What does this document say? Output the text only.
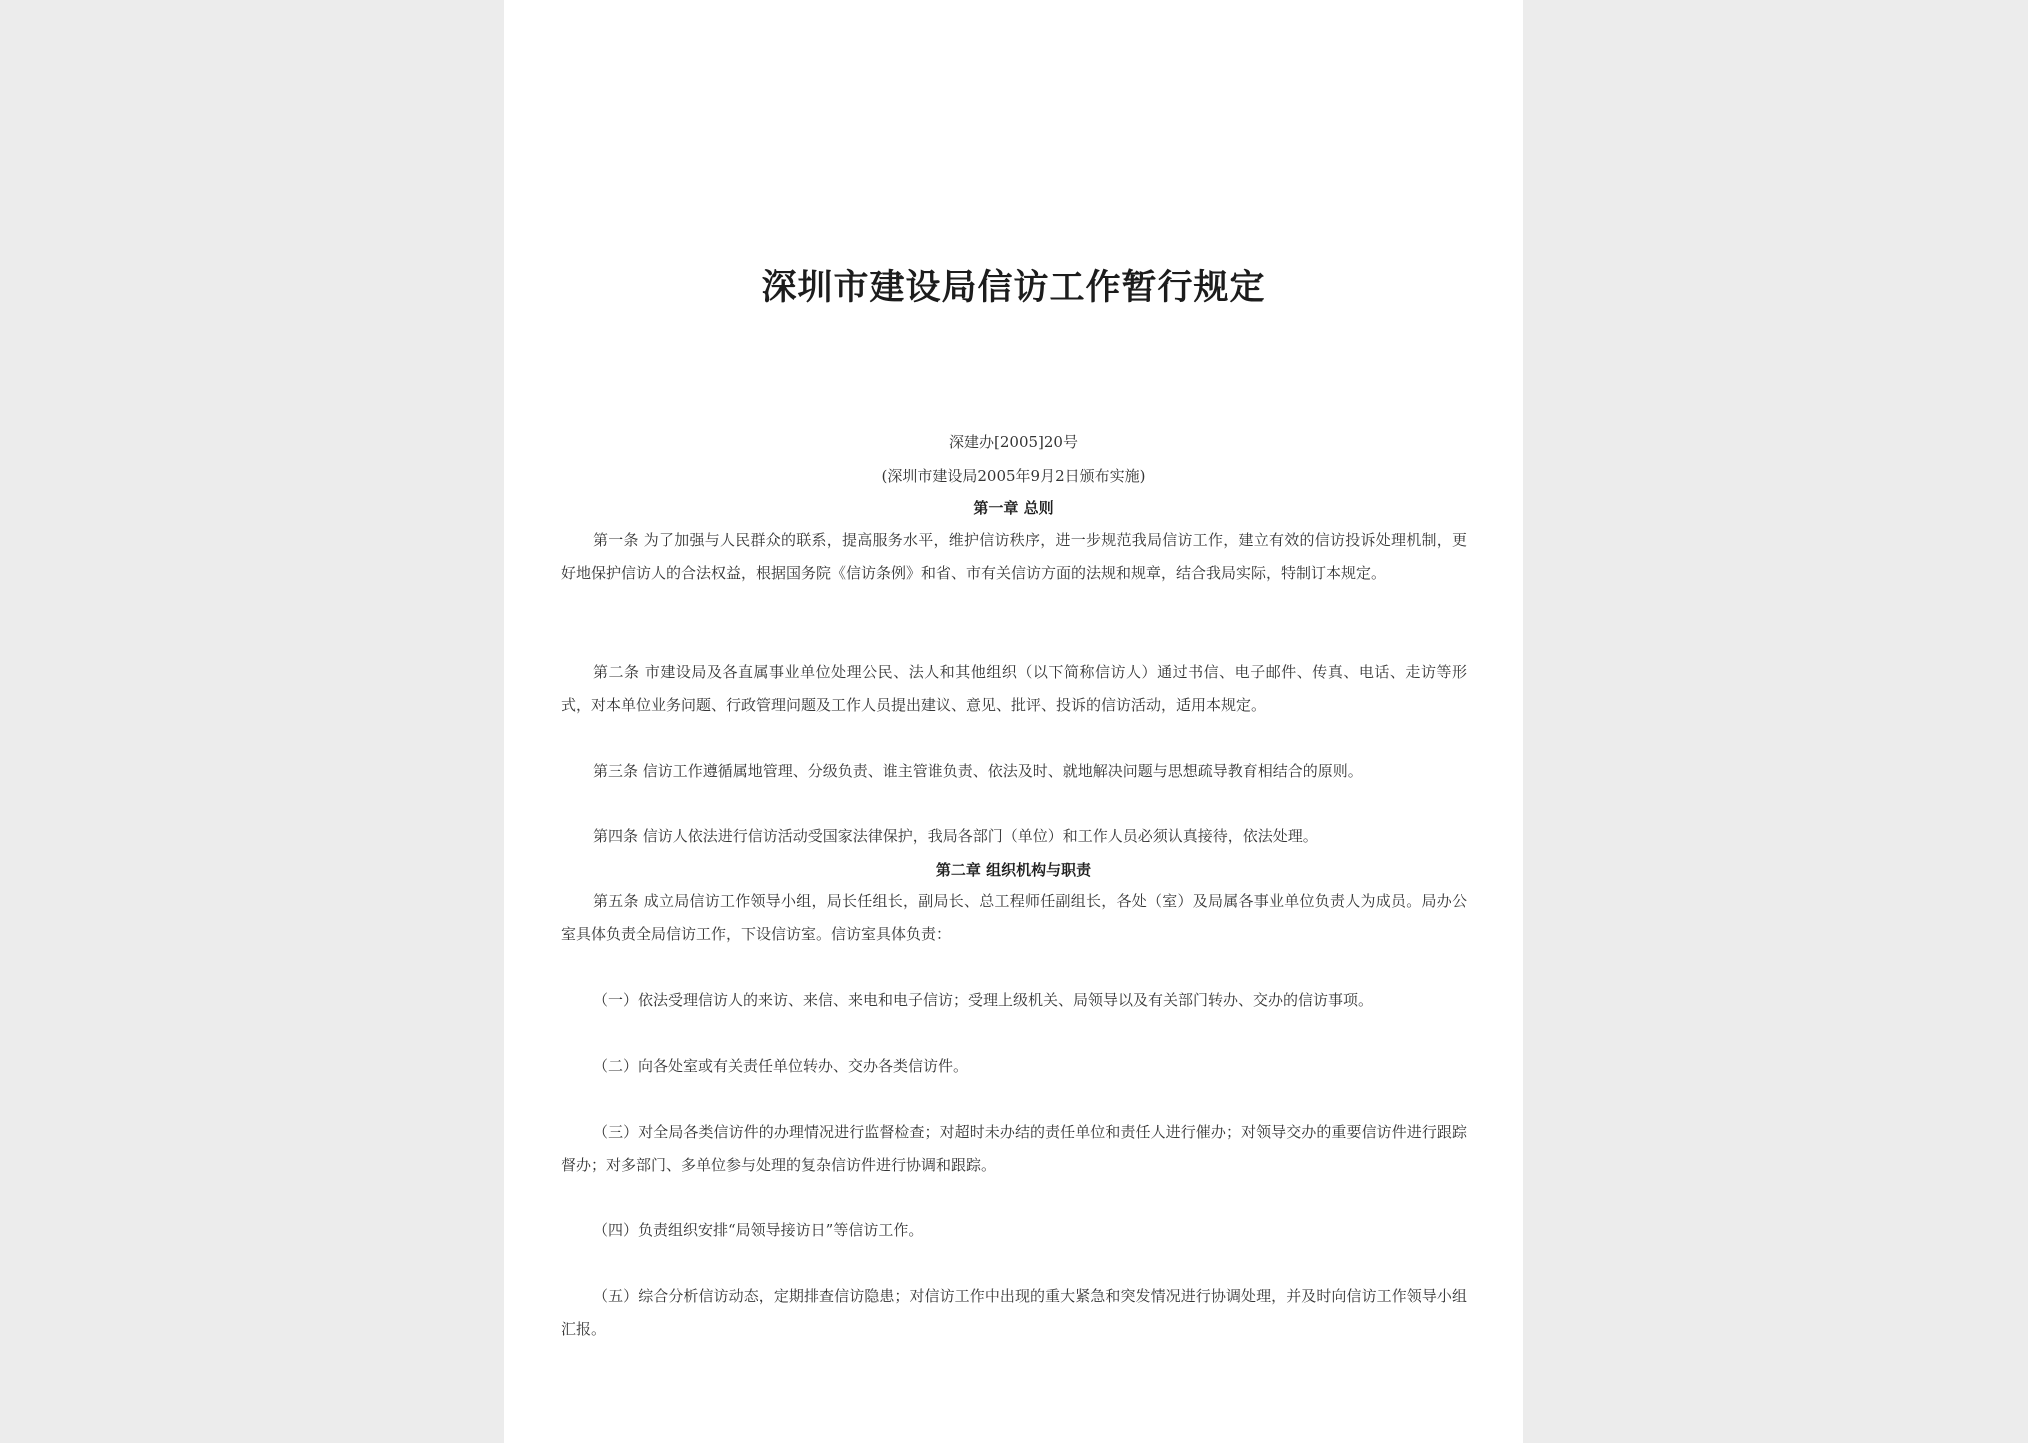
深圳市建设局信访工作暂行规定
深建办[2005]20号
(深圳市建设局2005年9月2日颁布实施)
第一章 总则

第一条 为了加强与人民群众的联系，提高服务水平，维护信访秩序，进一步规范我局信访工作，建立有效的信访投诉处理机制，更好地保护信访人的合法权益，根据国务院《信访条例》和省、市有关信访方面的法规和规章，结合我局实际，特制订本规定。

第二条 市建设局及各直属事业单位处理公民、法人和其他组织（以下简称信访人）通过书信、电子邮件、传真、电话、走访等形式，对本单位业务问题、行政管理问题及工作人员提出建议、意见、批评、投诉的信访活动，适用本规定。

第三条 信访工作遵循属地管理、分级负责、谁主管谁负责、依法及时、就地解决问题与思想疏导教育相结合的原则。

第四条 信访人依法进行信访活动受国家法律保护，我局各部门（单位）和工作人员必须认真接待，依法处理。

第二章 组织机构与职责

第五条 成立局信访工作领导小组，局长任组长，副局长、总工程师任副组长，各处（室）及局属各事业单位负责人为成员。局办公室具体负责全局信访工作，下设信访室。信访室具体负责：

（一）依法受理信访人的来访、来信、来电和电子信访；受理上级机关、局领导以及有关部门转办、交办的信访事项。

（二）向各处室或有关责任单位转办、交办各类信访件。

（三）对全局各类信访件的办理情况进行监督检查；对超时未办结的责任单位和责任人进行催办；对领导交办的重要信访件进行跟踪督办；对多部门、多单位参与处理的复杂信访件进行协调和跟踪。

（四）负责组织安排“局领导接访日”等信访工作。

（五）综合分析信访动态，定期排查信访隐患；对信访工作中出现的重大紧急和突发情况进行协调处理，并及时向信访工作领导小组汇报。
